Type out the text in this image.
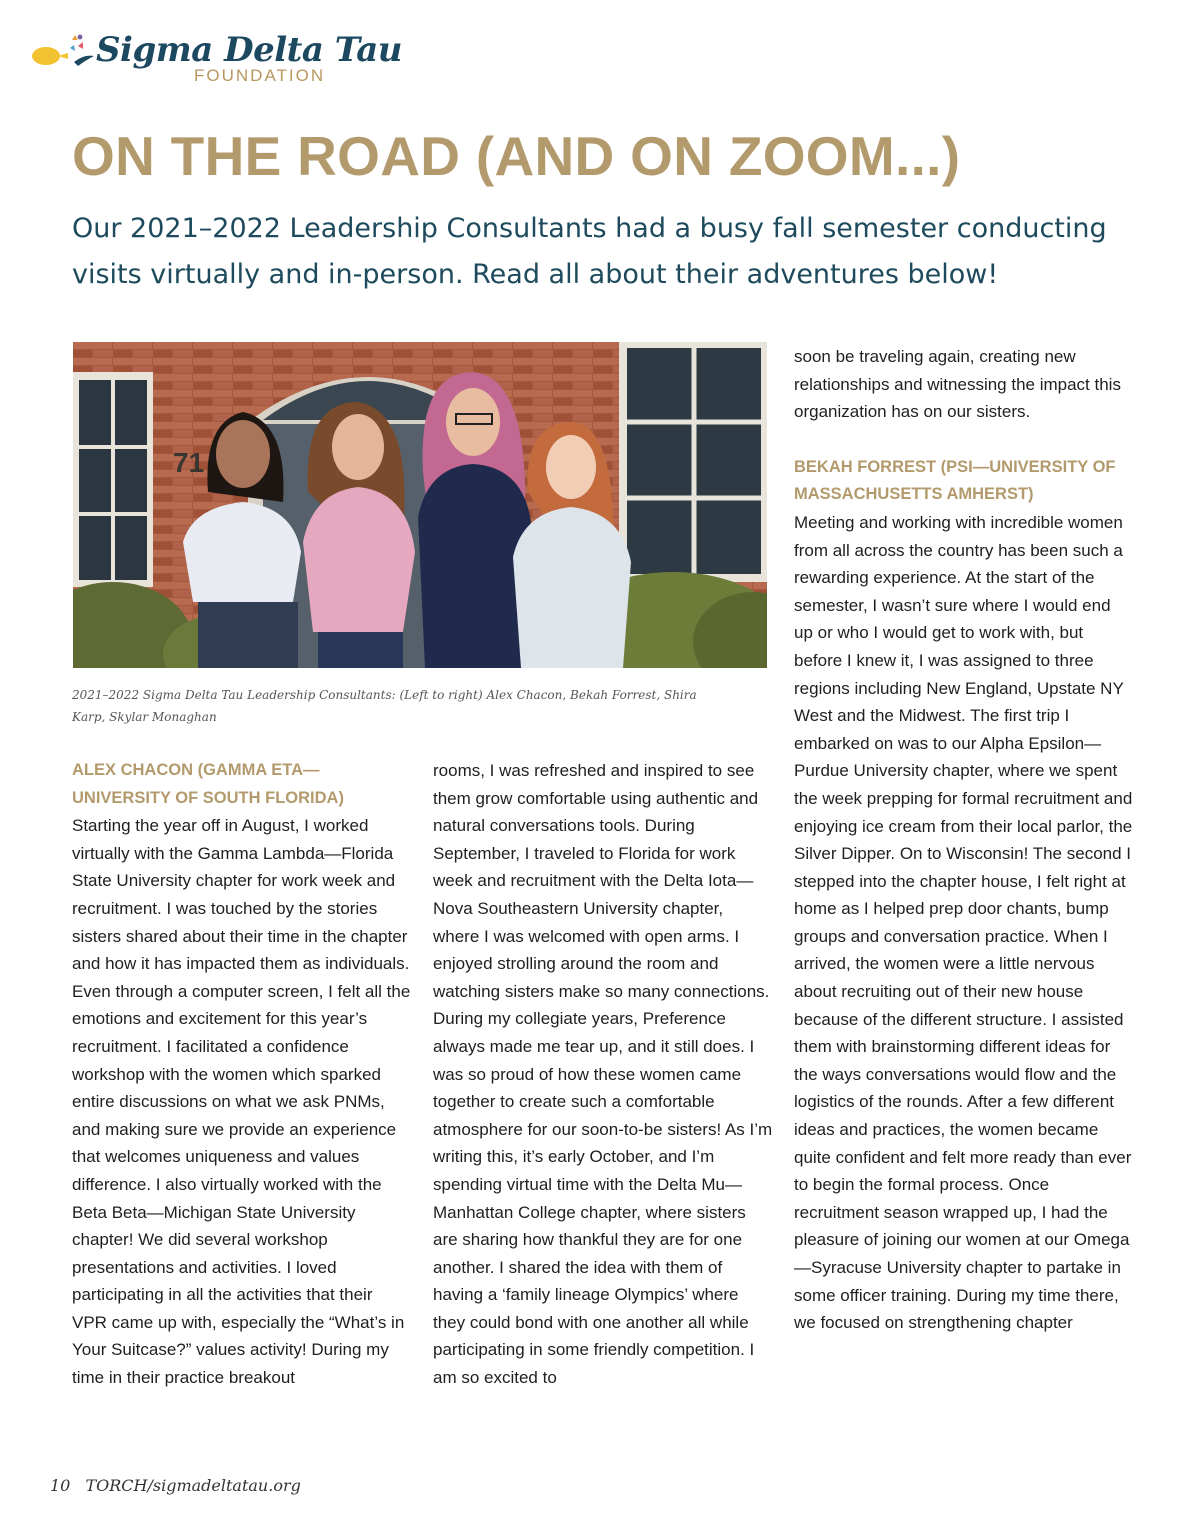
Sigma Delta Tau
FOUNDATION
ON THE ROAD (AND ON ZOOM...)

Our 2021–2022 Leadership Consultants had a busy fall semester conducting visits virtually and in-person. Read all about their adventures below!

71

2021–2022 Sigma Delta Tau Leadership Consultants: (Left to right) Alex Chacon, Bekah Forrest, Shira Karp, Skylar Monaghan

ALEX CHACON (GAMMA ETA—UNIVERSITY OF SOUTH FLORIDA)

Starting the year off in August, I worked virtually with the Gamma Lambda—Florida State University chapter for work week and recruitment. I was touched by the stories sisters shared about their time in the chapter and how it has impacted them as individuals. Even through a computer screen, I felt all the emotions and excitement for this year’s recruitment. I facilitated a confidence workshop with the women which sparked entire discussions on what we ask PNMs, and making sure we provide an experience that welcomes uniqueness and values difference. I also virtually worked with the Beta Beta—Michigan State University chapter! We did several workshop presentations and activities. I loved participating in all the activities that their VPR came up with, especially the “What’s in Your Suitcase?” values activity! During my time in their practice breakout

rooms, I was refreshed and inspired to see them grow comfortable using authentic and natural conversations tools. During September, I traveled to Florida for work week and recruitment with the Delta Iota—Nova Southeastern University chapter, where I was welcomed with open arms. I enjoyed strolling around the room and watching sisters make so many connections. During my collegiate years, Preference always made me tear up, and it still does. I was so proud of how these women came together to create such a comfortable atmosphere for our soon-to-be sisters! As I’m writing this, it’s early October, and I’m spending virtual time with the Delta Mu—Manhattan College chapter, where sisters are sharing how thankful they are for one another. I shared the idea with them of having a ‘family lineage Olympics’ where they could bond with one another all while participating in some friendly competition. I am so excited to

soon be traveling again, creating new relationships and witnessing the impact this organization has on our sisters.

BEKAH FORREST (PSI—UNIVERSITY OF MASSACHUSETTS AMHERST)

Meeting and working with incredible women from all across the country has been such a rewarding experience. At the start of the semester, I wasn’t sure where I would end up or who I would get to work with, but before I knew it, I was assigned to three regions including New England, Upstate NY West and the Midwest. The first trip I embarked on was to our Alpha Epsilon—Purdue University chapter, where we spent the week prepping for formal recruitment and enjoying ice cream from their local parlor, the Silver Dipper. On to Wisconsin! The second I stepped into the chapter house, I felt right at home as I helped prep door chants, bump groups and conversation practice. When I arrived, the women were a little nervous about recruiting out of their new house because of the different structure. I assisted them with brainstorming different ideas for the ways conversations would flow and the logistics of the rounds. After a few different ideas and practices, the women became quite confident and felt more ready than ever to begin the formal process. Once recruitment season wrapped up, I had the pleasure of joining our women at our Omega—Syracuse University chapter to partake in some officer training. During my time there, we focused on strengthening chapter

10 TORCH/sigmadeltatau.org
